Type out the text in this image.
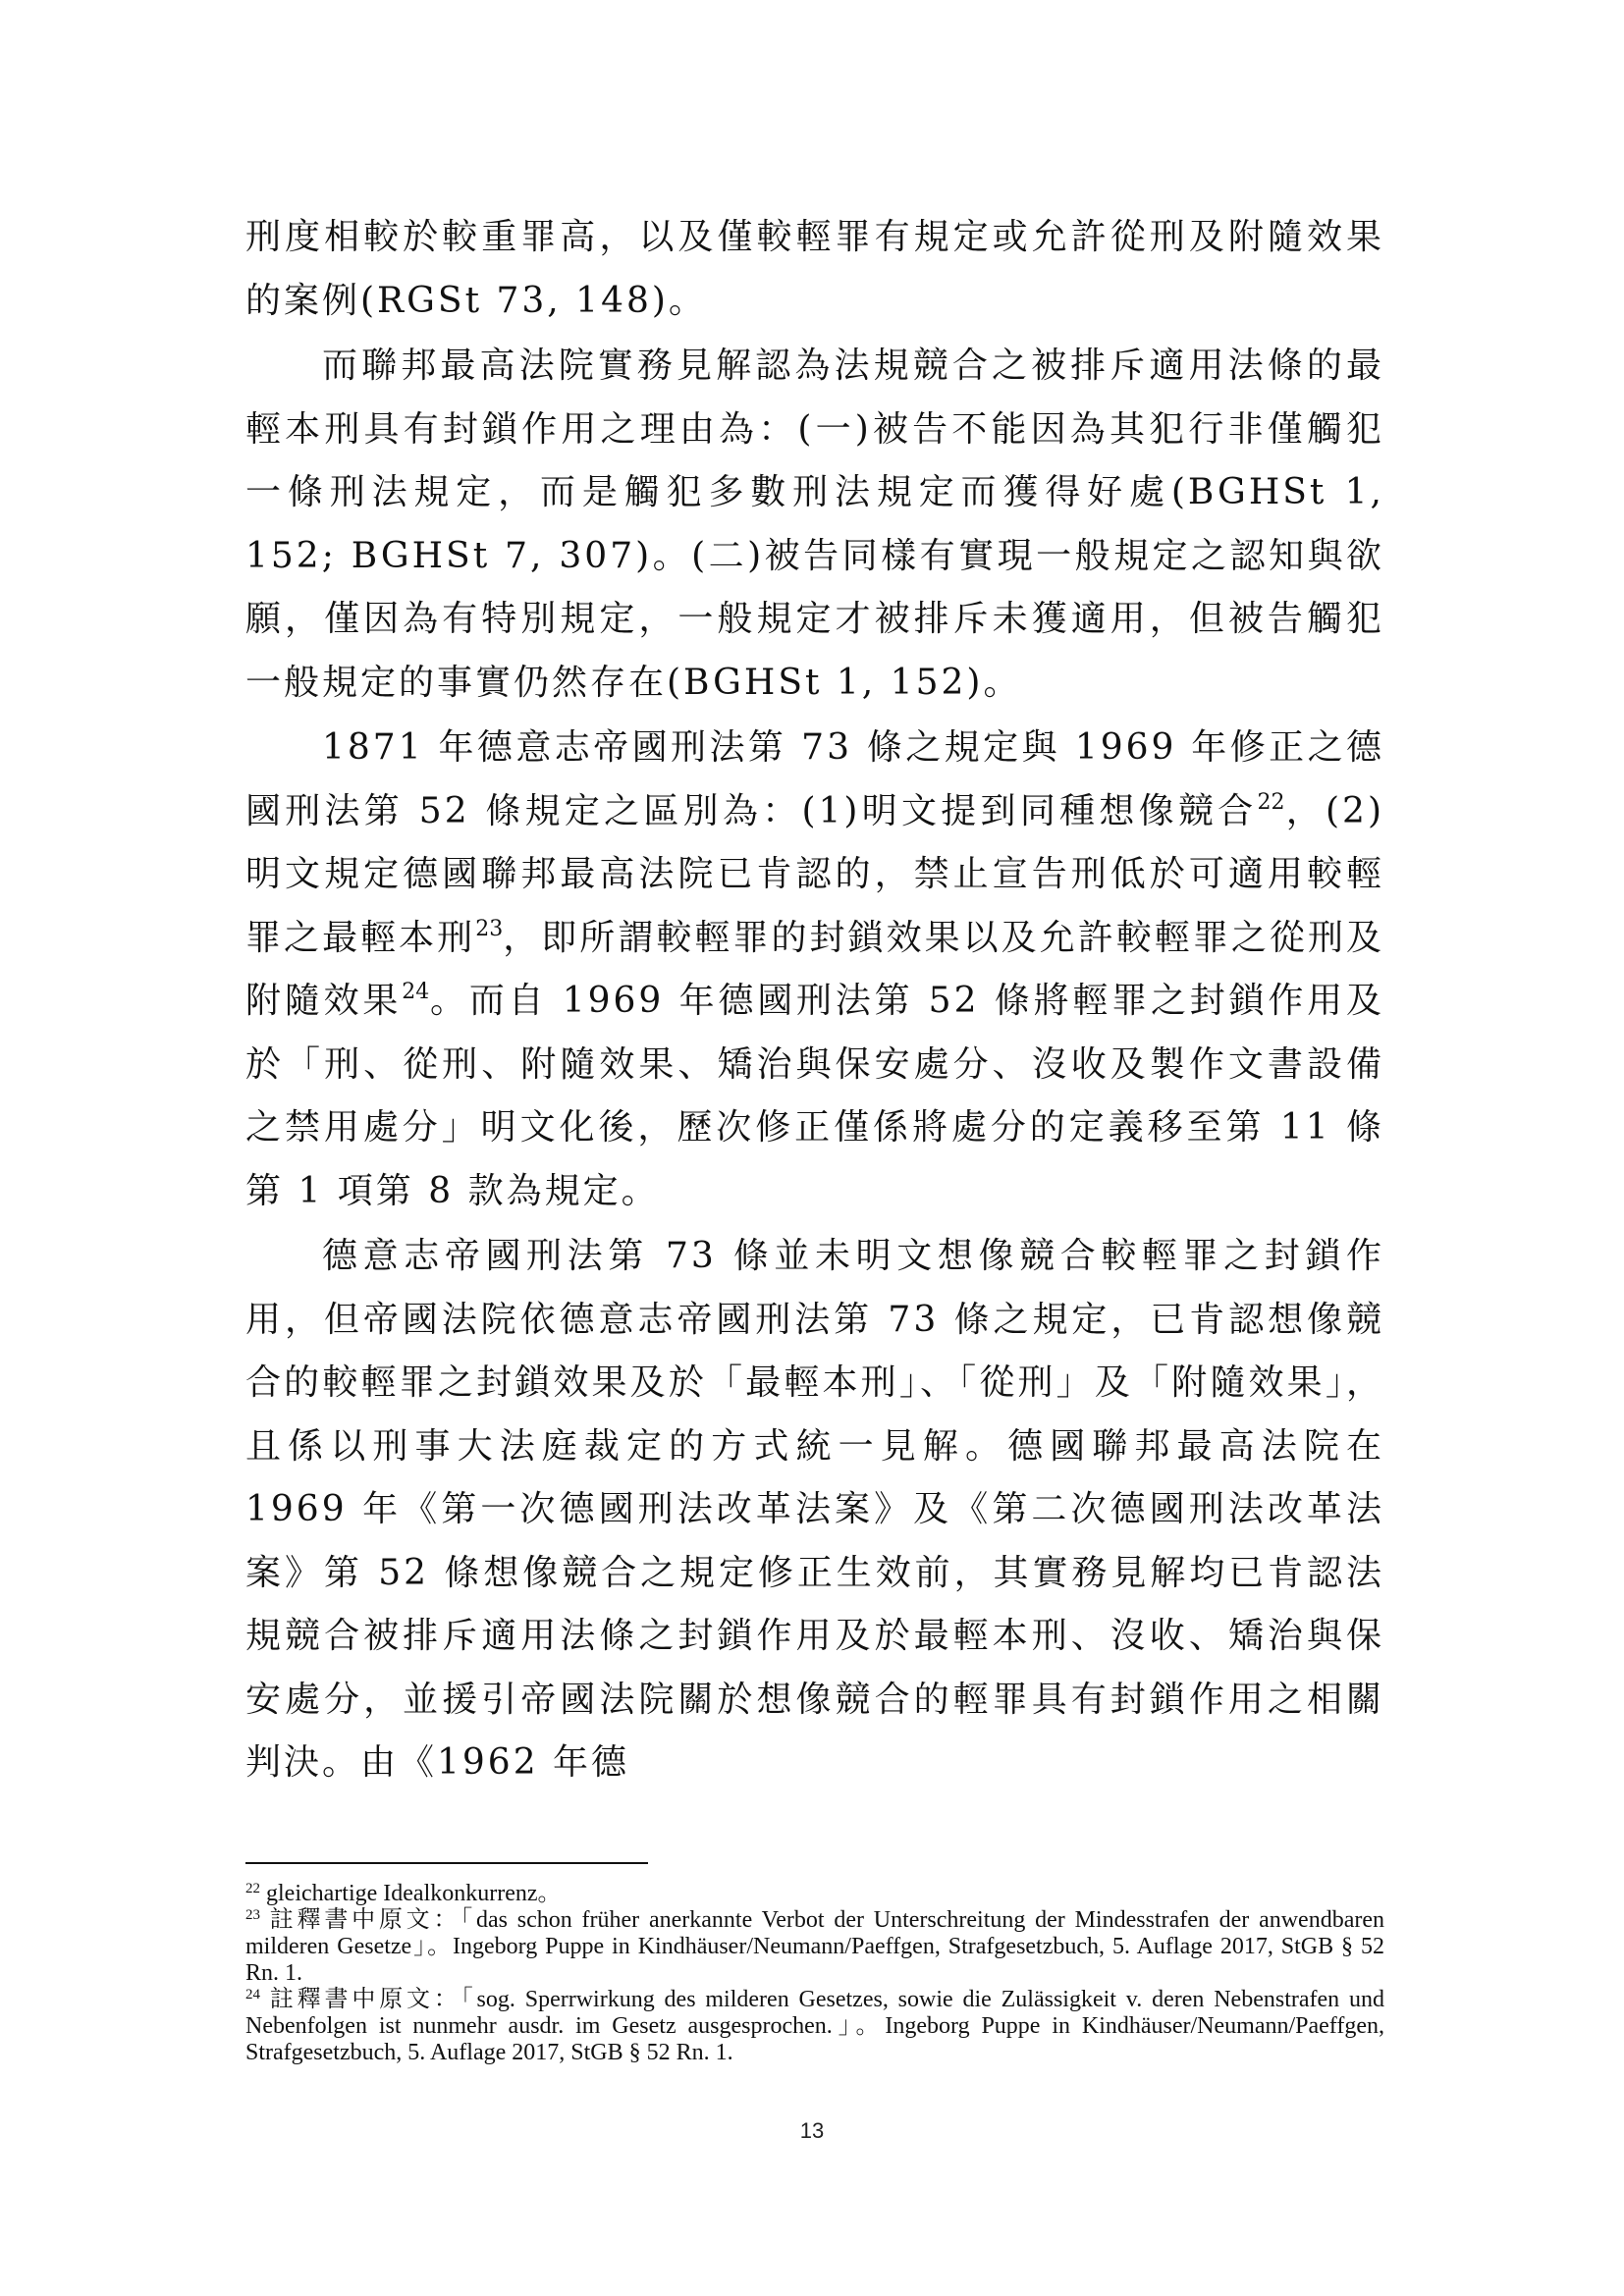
刑度相較於較重罪高，以及僅較輕罪有規定或允許從刑及附隨效果的案例(RGSt 73, 148)。

而聯邦最高法院實務見解認為法規競合之被排斥適用法條的最輕本刑具有封鎖作用之理由為：(一)被告不能因為其犯行非僅觸犯一條刑法規定，而是觸犯多數刑法規定而獲得好處(BGHSt 1, 152; BGHSt 7, 307)。(二)被告同樣有實現一般規定之認知與欲願，僅因為有特別規定，一般規定才被排斥未獲適用，但被告觸犯一般規定的事實仍然存在(BGHSt 1, 152)。

1871 年德意志帝國刑法第 73 條之規定與 1969 年修正之德國刑法第 52 條規定之區別為：(1)明文提到同種想像競合$^{22}$，(2)明文規定德國聯邦最高法院已肯認的，禁止宣告刑低於可適用較輕罪之最輕本刑$^{23}$，即所謂較輕罪的封鎖效果以及允許較輕罪之從刑及附隨效果$^{24}$。而自 1969 年德國刑法第 52 條將輕罪之封鎖作用及於「刑、從刑、附隨效果、矯治與保安處分、沒收及製作文書設備之禁用處分」明文化後，歷次修正僅係將處分的定義移至第 11 條第 1 項第 8 款為規定。

德意志帝國刑法第 73 條並未明文想像競合較輕罪之封鎖作用，但帝國法院依德意志帝國刑法第 73 條之規定，已肯認想像競合的較輕罪之封鎖效果及於「最輕本刑」、「從刑」及「附隨效果」，且係以刑事大法庭裁定的方式統一見解。德國聯邦最高法院在 1969 年《第一次德國刑法改革法案》及《第二次德國刑法改革法案》第 52 條想像競合之規定修正生效前，其實務見解均已肯認法規競合被排斥適用法條之封鎖作用及於最輕本刑、沒收、矯治與保安處分，並援引帝國法院關於想像競合的輕罪具有封鎖作用之相關判決。由《1962 年德

$^{22}$ gleichartige Idealkonkurrenz。

$^{23}$ 註釋書中原文：「das schon früher anerkannte Verbot der Unterschreitung der Mindesstrafen der anwendbaren milderen Gesetze」。Ingeborg Puppe in Kindhäuser/Neumann/Paeffgen, Strafgesetzbuch, 5. Auflage 2017, StGB § 52 Rn. 1.

$^{24}$ 註釋書中原文：「sog. Sperrwirkung des milderen Gesetzes, sowie die Zulässigkeit v. deren Nebenstrafen und Nebenfolgen ist nunmehr ausdr. im Gesetz ausgesprochen.」。Ingeborg Puppe in Kindhäuser/Neumann/Paeffgen, Strafgesetzbuch, 5. Auflage 2017, StGB § 52 Rn. 1.

13
